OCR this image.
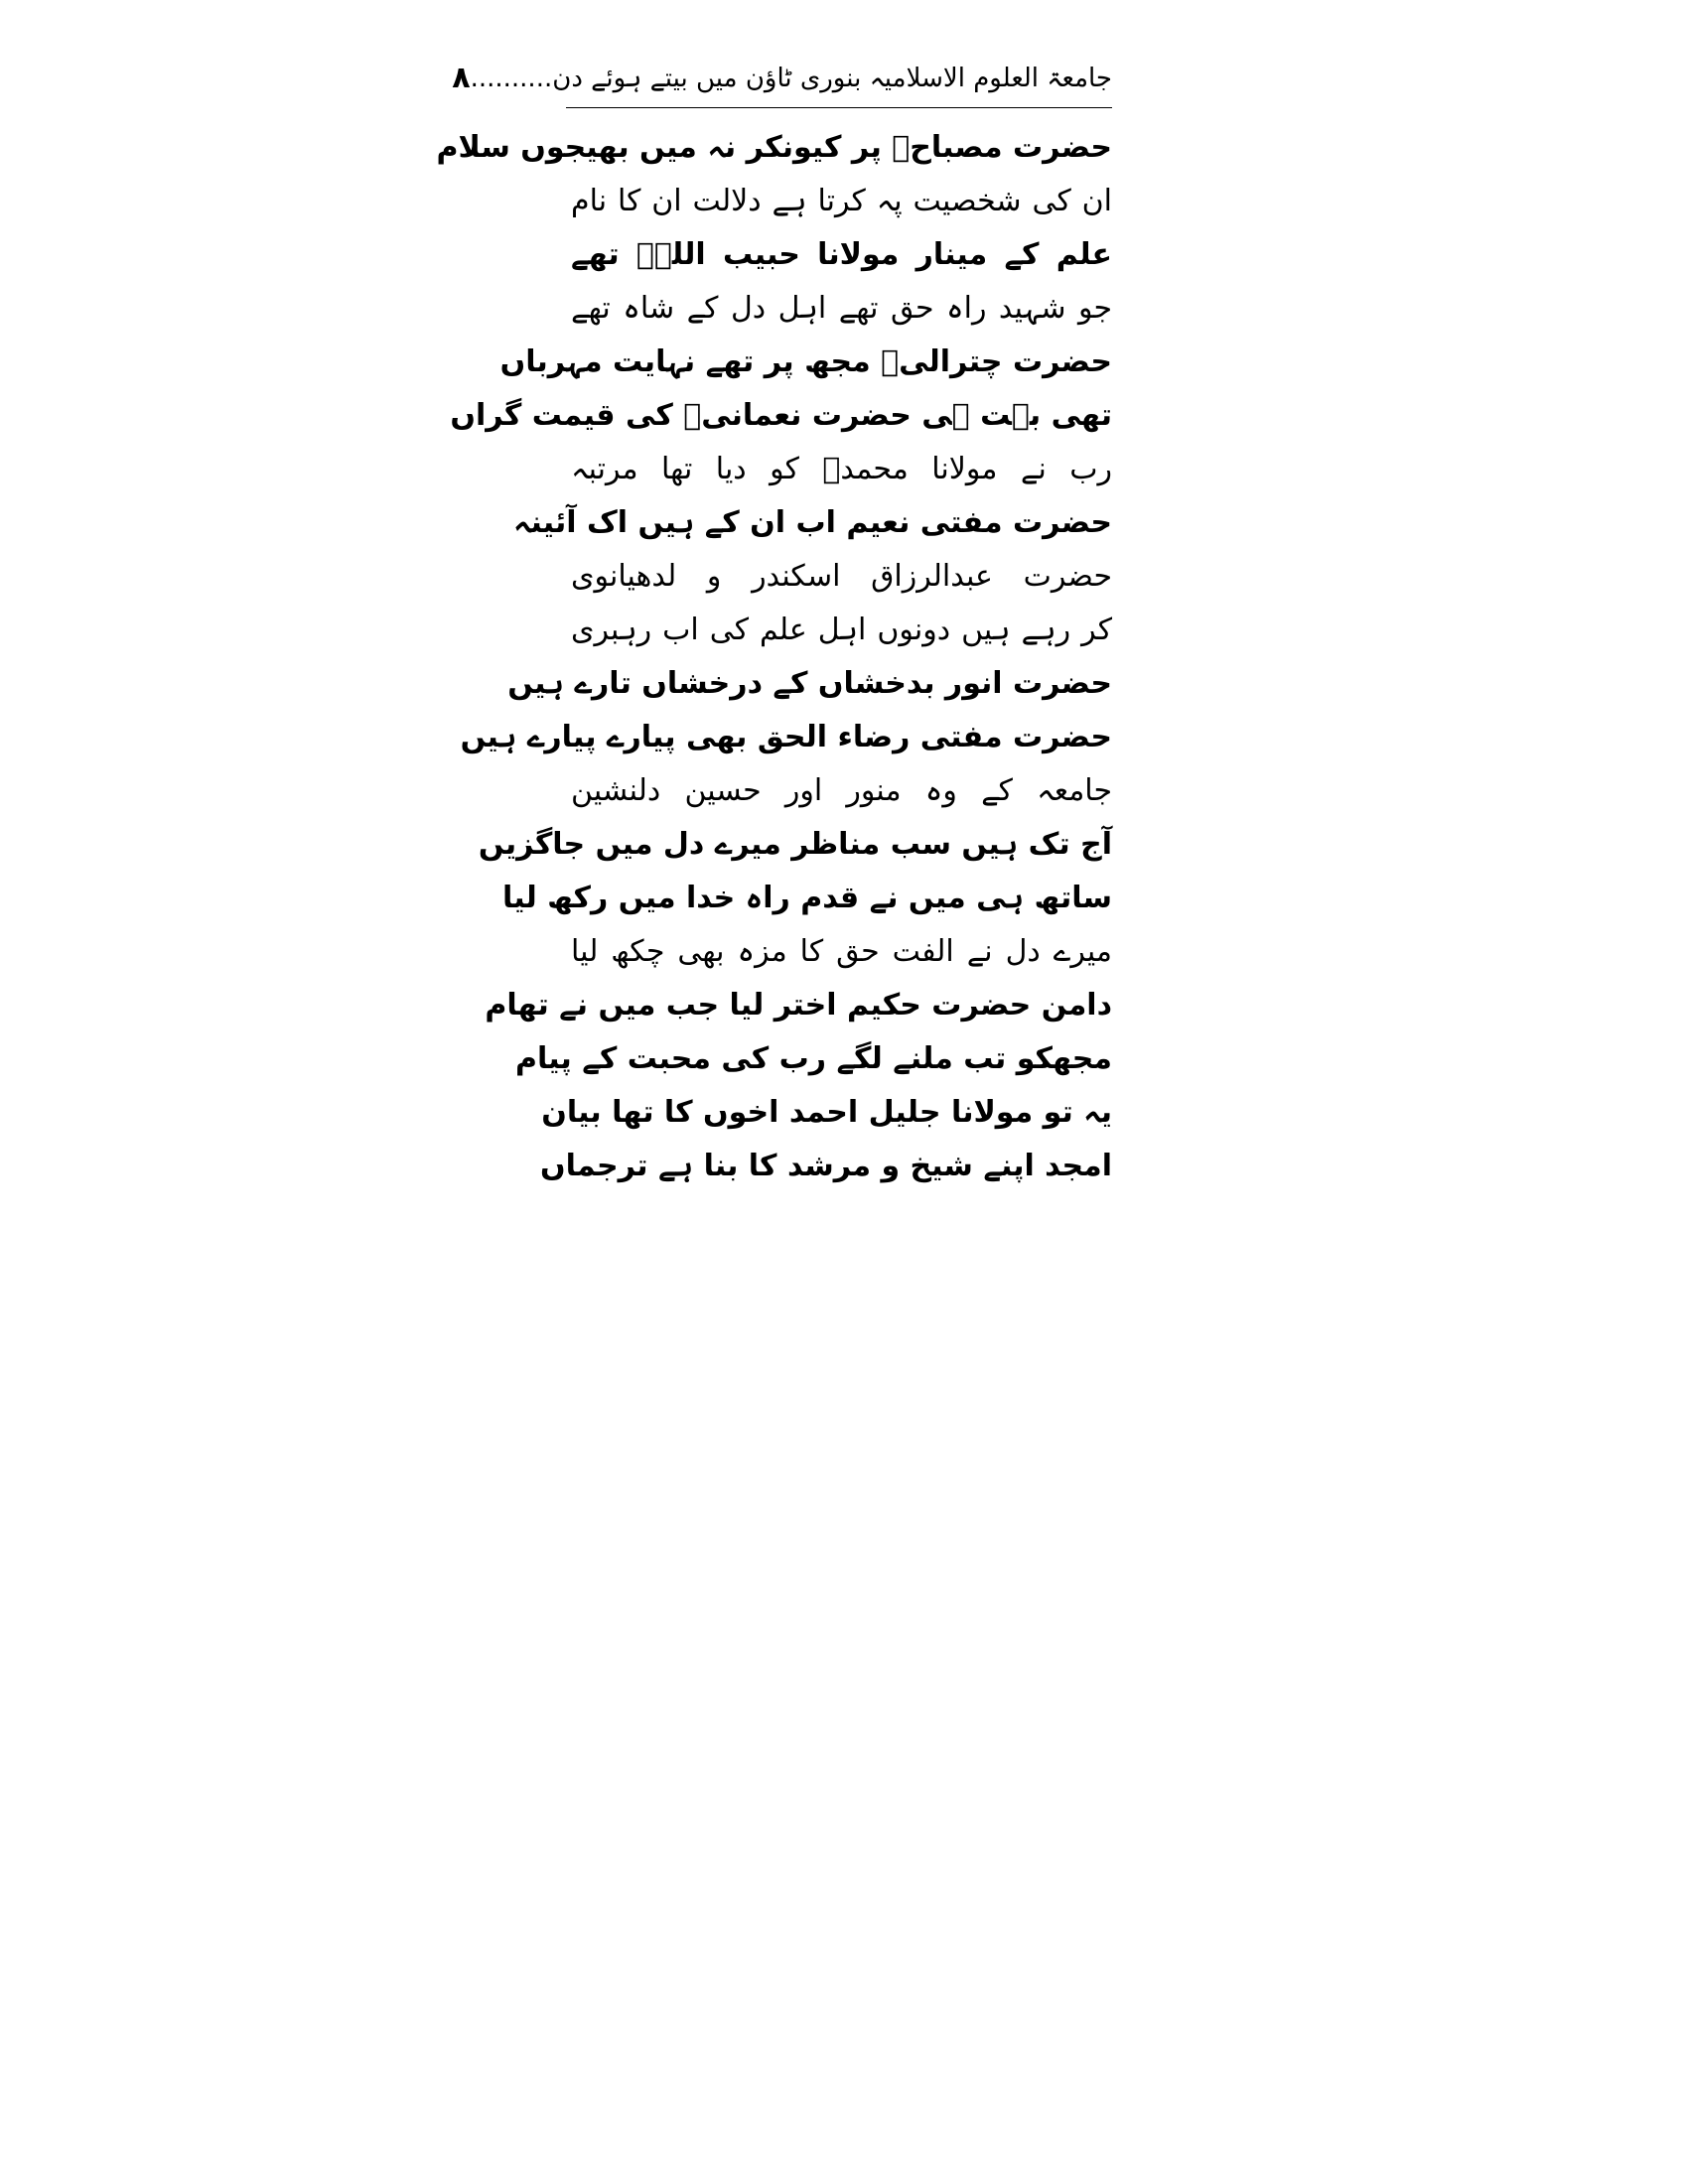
جامعۃ العلوم الاسلامیہ بنوری ٹاؤن میں بیتے ہوئے دن..........
۸

حضرت مصباحؒ پر کیونکر نہ میں بھیجوں سلام

ان کی شخصیت پہ کرتا ہے دلالت ان کا نام

علم کے مینار مولانا حبیب اللہؒ تھے

جو شہید راہ حق تھے اہل دل کے شاہ تھے

حضرت چترالیؒ مجھ پر تھے نہایت مہرباں

تھی بہت ہی حضرت نعمانیؒ کی قیمت گراں

رب نے مولانا محمدؒ کو دیا تھا مرتبہ

حضرت مفتی نعیم اب ان کے ہیں اک آئینہ

حضرت عبدالرزاق اسکندر و لدھیانوی

کر رہے ہیں دونوں اہل علم کی اب رہبری

حضرت انور بدخشاں کے درخشاں تارے ہیں

حضرت مفتی رضاء الحق بھی پیارے پیارے ہیں

جامعہ کے وہ منور اور حسین دلنشین

آج تک ہیں سب مناظر میرے دل میں جاگزیں

ساتھ ہی میں نے قدم راہ خدا میں رکھ لیا

میرے دل نے الفت حق کا مزہ بھی چکھ لیا

دامن حضرت حکیم اختر لیا جب میں نے تھام

مجھکو تب ملنے لگے رب کی محبت کے پیام

یہ تو مولانا جلیل احمد اخوں کا تھا بیان

امجد اپنے شیخ و مرشد کا بنا ہے ترجماں
